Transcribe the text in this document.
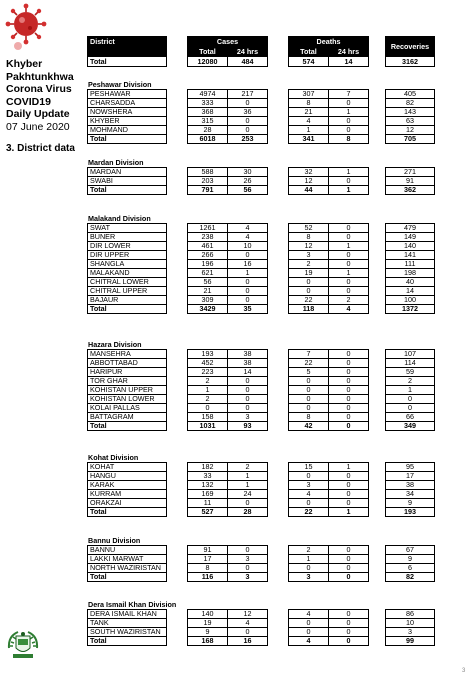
Khyber
Pakhtunkhwa
Corona Virus
COVID19
Daily Update
07 June 2020
3. District data
District		Cases			Deaths			Recoveries
		Total	24 hrs		Total	24 hrs		
Total		12080	484		574	14		3162
Peshawar Division
PESHAWAR		4974	217		307	7		405
CHARSADDA		333	0		8	0		82
NOWSHERA		368	36		21	1		143
KHYBER		315	0		4	0		63
MOHMAND		28	0		1	0		12
Total		6018	253		341	8		705
Mardan Division
MARDAN		588	30		32	1		271
SWABI		203	26		12	0		91
Total		791	56		44	1		362
Malakand Division
SWAT		1261	4		52	0		479
BUNER		238	4		8	0		149
DIR LOWER		461	10		12	1		140
DIR UPPER		266	0		3	0		141
SHANGLA		196	16		2	0		111
MALAKAND		621	1		19	1		198
CHITRAL LOWER		56	0		0	0		40
CHITRAL UPPER		21	0		0	0		14
BAJAUR		309	0		22	2		100
Total		3429	35		118	4		1372
Hazara Division
MANSEHRA		193	38		7	0		107
ABBOTTABAD		452	38		22	0		114
HARIPUR		223	14		5	0		59
TOR GHAR		2	0		0	0		2
KOHISTAN UPPER		1	0		0	0		1
KOHISTAN LOWER		2	0		0	0		0
KOLAI PALLAS		0	0		0	0		0
BATTAGRAM		158	3		8	0		66
Total		1031	93		42	0		349
Kohat Division
KOHAT		182	2		15	1		95
HANGU		33	1		0	0		17
KARAK		132	1		3	0		38
KURRAM		169	24		4	0		34
ORAKZAI		11	0		0	0		9
Total		527	28		22	1		193
Bannu Division
BANNU		91	0		2	0		67
LAKKI MARWAT		17	3		1	0		9
NORTH WAZIRISTAN		8	0		0	0		6
Total		116	3		3	0		82
Dera Ismail Khan Division
DERA ISMAIL KHAN		140	12		4	0		86
TANK		19	4		0	0		10
SOUTH WAZIRISTAN		9	0		0	0		3
Total		168	16		4	0		99
3
